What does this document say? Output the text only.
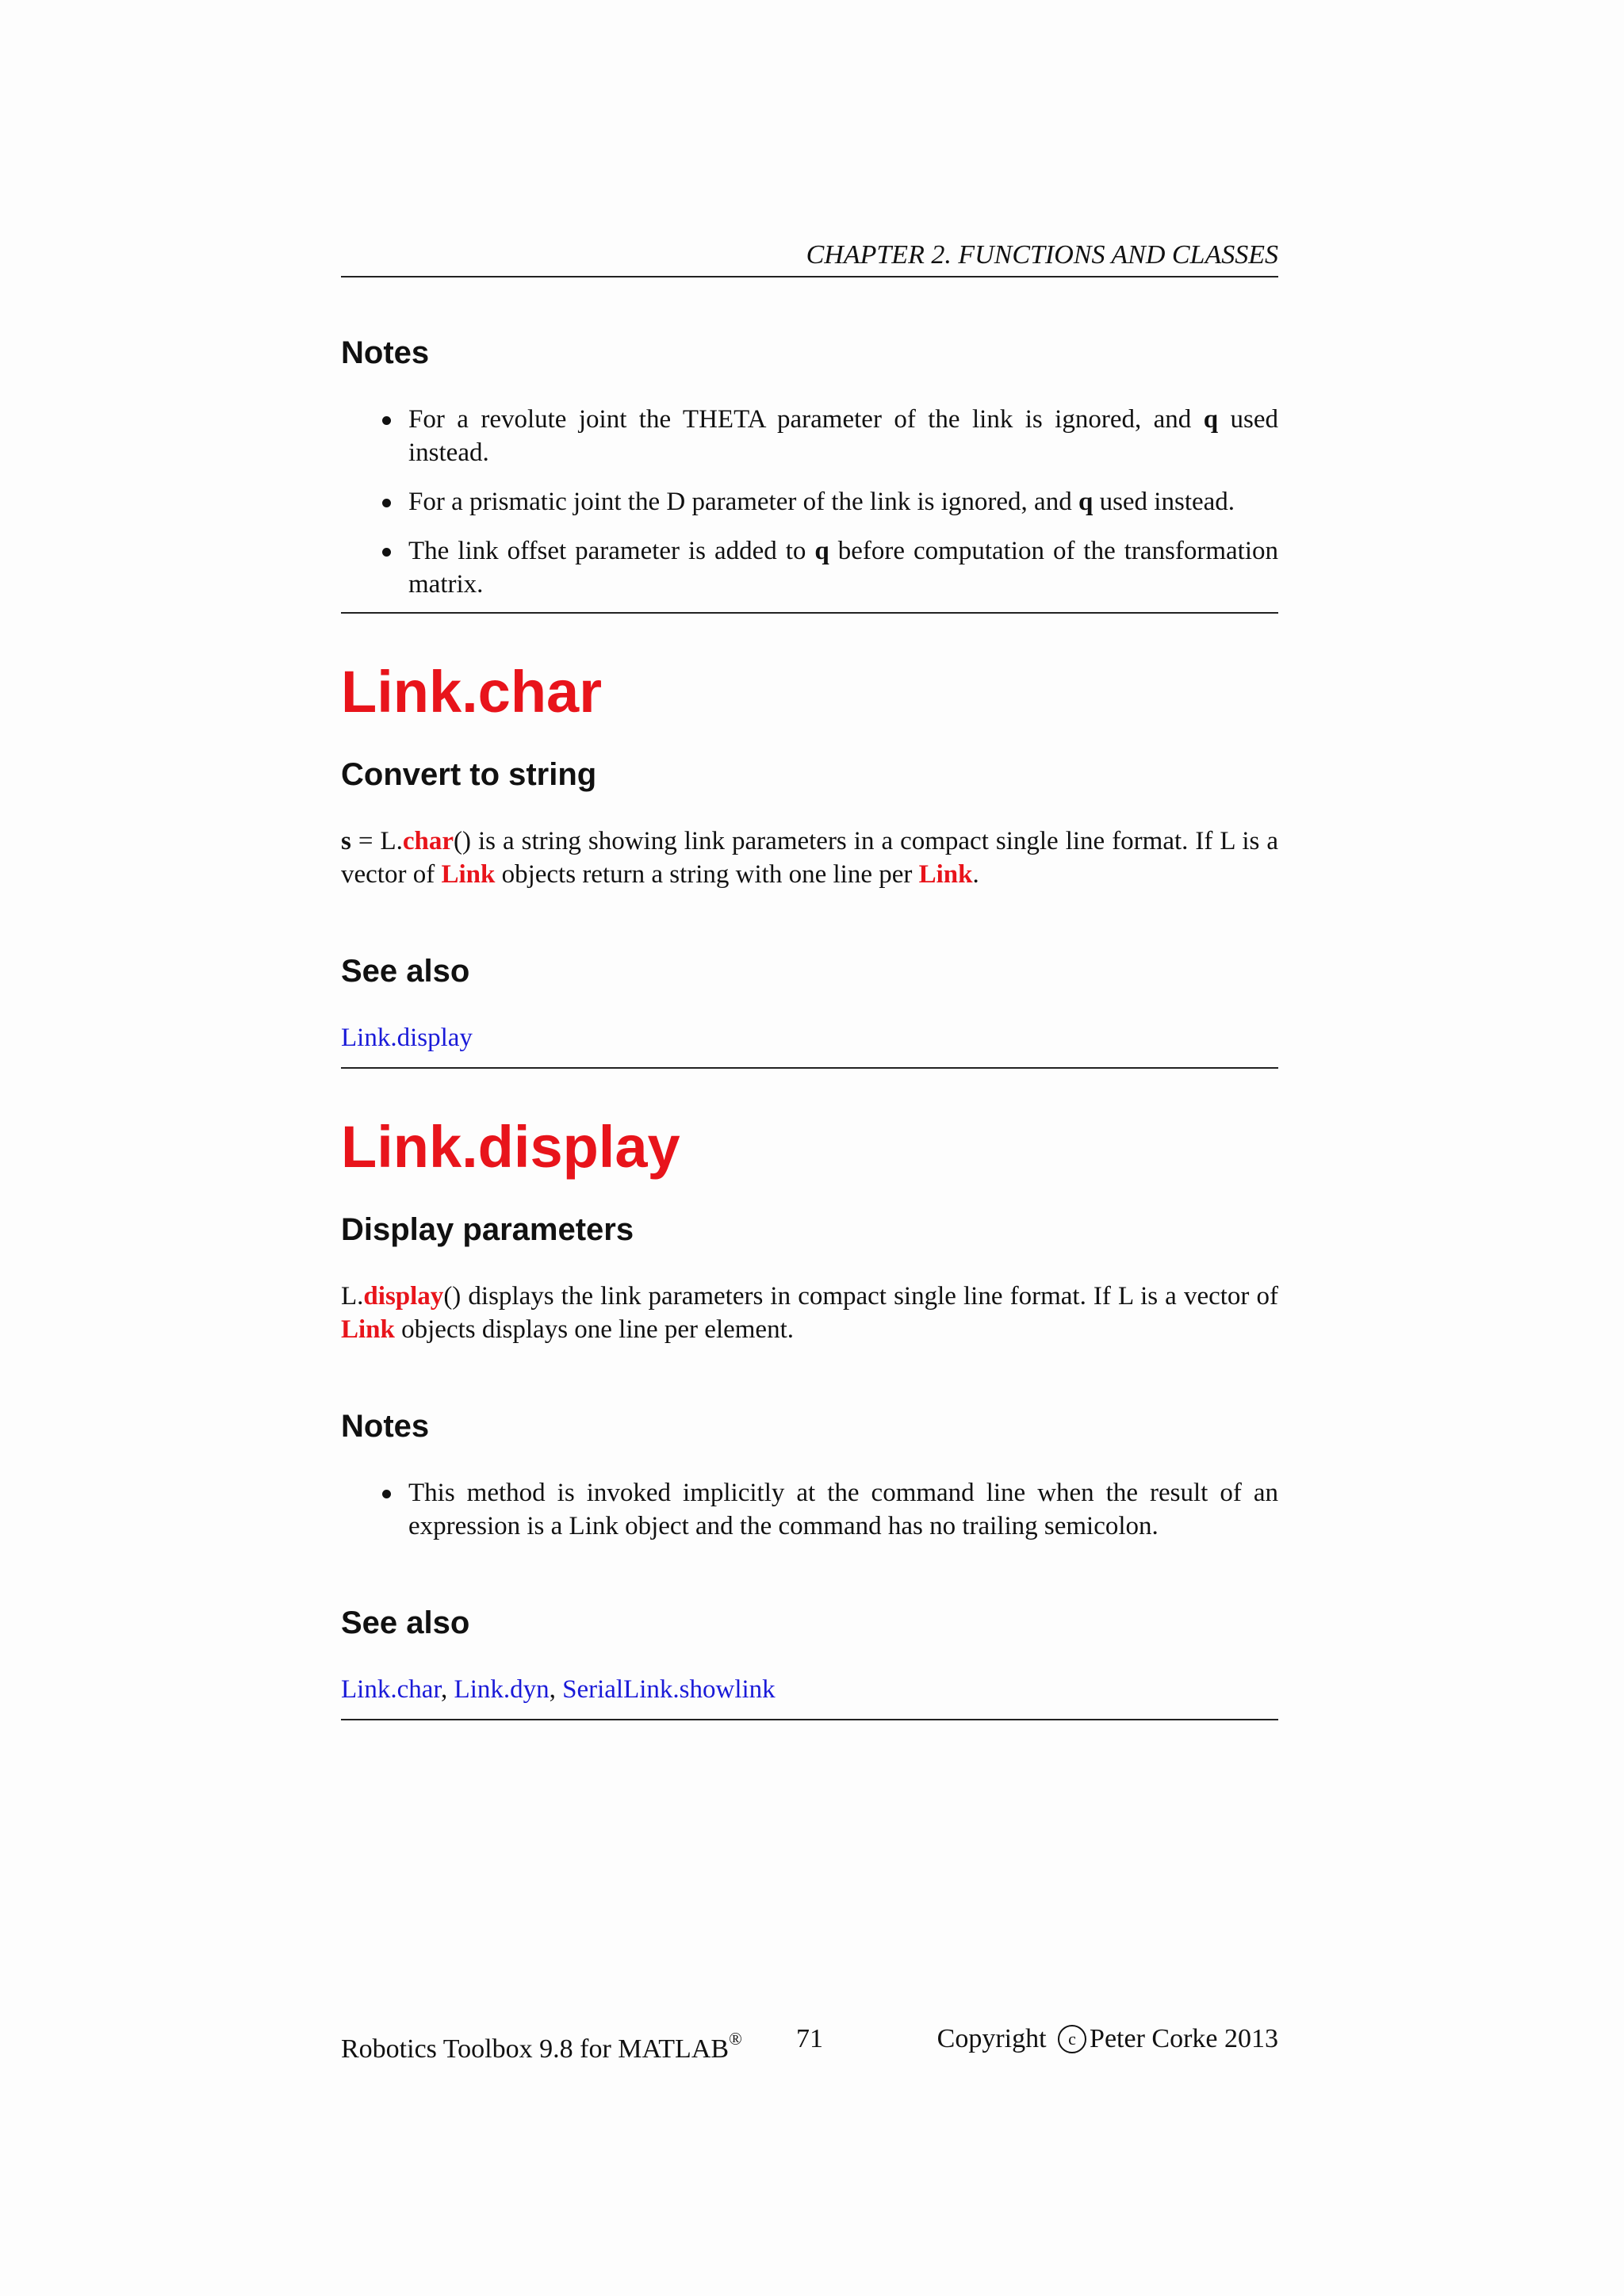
CHAPTER 2. FUNCTIONS AND CLASSES
Notes
For a revolute joint the THETA parameter of the link is ignored, and q used instead.
For a prismatic joint the D parameter of the link is ignored, and q used instead.
The link offset parameter is added to q before computation of the transformation matrix.
Link.char
Convert to string

s = L.char() is a string showing link parameters in a compact single line format. If L is a vector of Link objects return a string with one line per Link.

See also

Link.display

Link.display
Display parameters

L.display() displays the link parameters in compact single line format. If L is a vector of Link objects displays one line per element.

Notes
This method is invoked implicitly at the command line when the result of an expression is a Link object and the command has no trailing semicolon.
See also

Link.char, Link.dyn, SerialLink.showlink

Robotics Toolbox 9.8 for MATLAB® 71	Copyright c Peter Corke 2013
